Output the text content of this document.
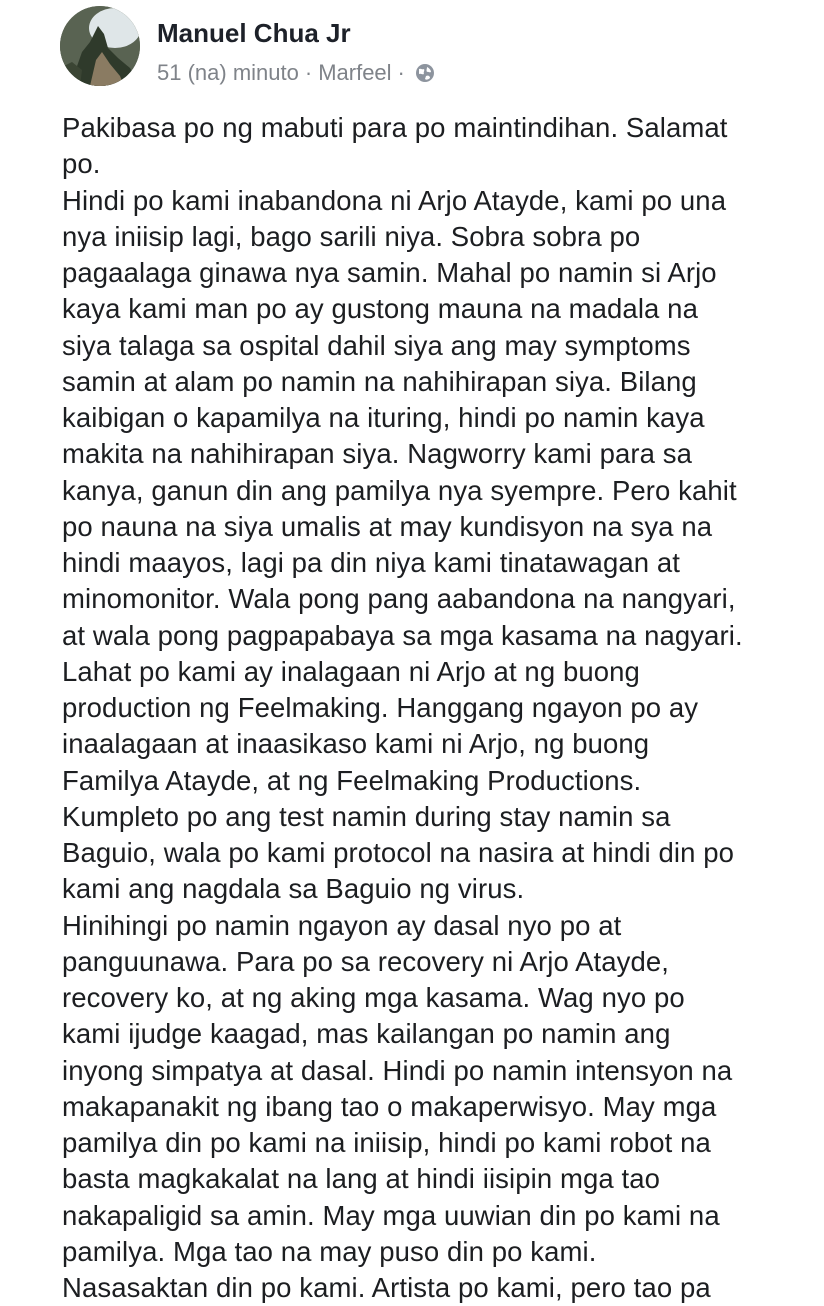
Manuel Chua Jr
51 (na) minuto · Marfeel ·
Pakibasa po ng mabuti para po maintindihan. Salamat
po.
Hindi po kami inabandona ni Arjo Atayde, kami po una
nya iniisip lagi, bago sarili niya. Sobra sobra po
pagaalaga ginawa nya samin. Mahal po namin si Arjo
kaya kami man po ay gustong mauna na madala na
siya talaga sa ospital dahil siya ang may symptoms
samin at alam po namin na nahihirapan siya. Bilang
kaibigan o kapamilya na ituring, hindi po namin kaya
makita na nahihirapan siya. Nagworry kami para sa
kanya, ganun din ang pamilya nya syempre. Pero kahit
po nauna na siya umalis at may kundisyon na sya na
hindi maayos, lagi pa din niya kami tinatawagan at
minomonitor. Wala pong pang aabandona na nangyari,
at wala pong pagpapabaya sa mga kasama na nagyari.
Lahat po kami ay inalagaan ni Arjo at ng buong
production ng Feelmaking. Hanggang ngayon po ay
inaalagaan at inaasikaso kami ni Arjo, ng buong
Familya Atayde, at ng Feelmaking Productions.
Kumpleto po ang test namin during stay namin sa
Baguio, wala po kami protocol na nasira at hindi din po
kami ang nagdala sa Baguio ng virus.
Hinihingi po namin ngayon ay dasal nyo po at
panguunawa. Para po sa recovery ni Arjo Atayde,
recovery ko, at ng aking mga kasama. Wag nyo po
kami ijudge kaagad, mas kailangan po namin ang
inyong simpatya at dasal. Hindi po namin intensyon na
makapanakit ng ibang tao o makaperwisyo. May mga
pamilya din po kami na iniisip, hindi po kami robot na
basta magkakalat na lang at hindi iisipin mga tao
nakapaligid sa amin. May mga uuwian din po kami na
pamilya. Mga tao na may puso din po kami.
Nasasaktan din po kami. Artista po kami, pero tao pa
